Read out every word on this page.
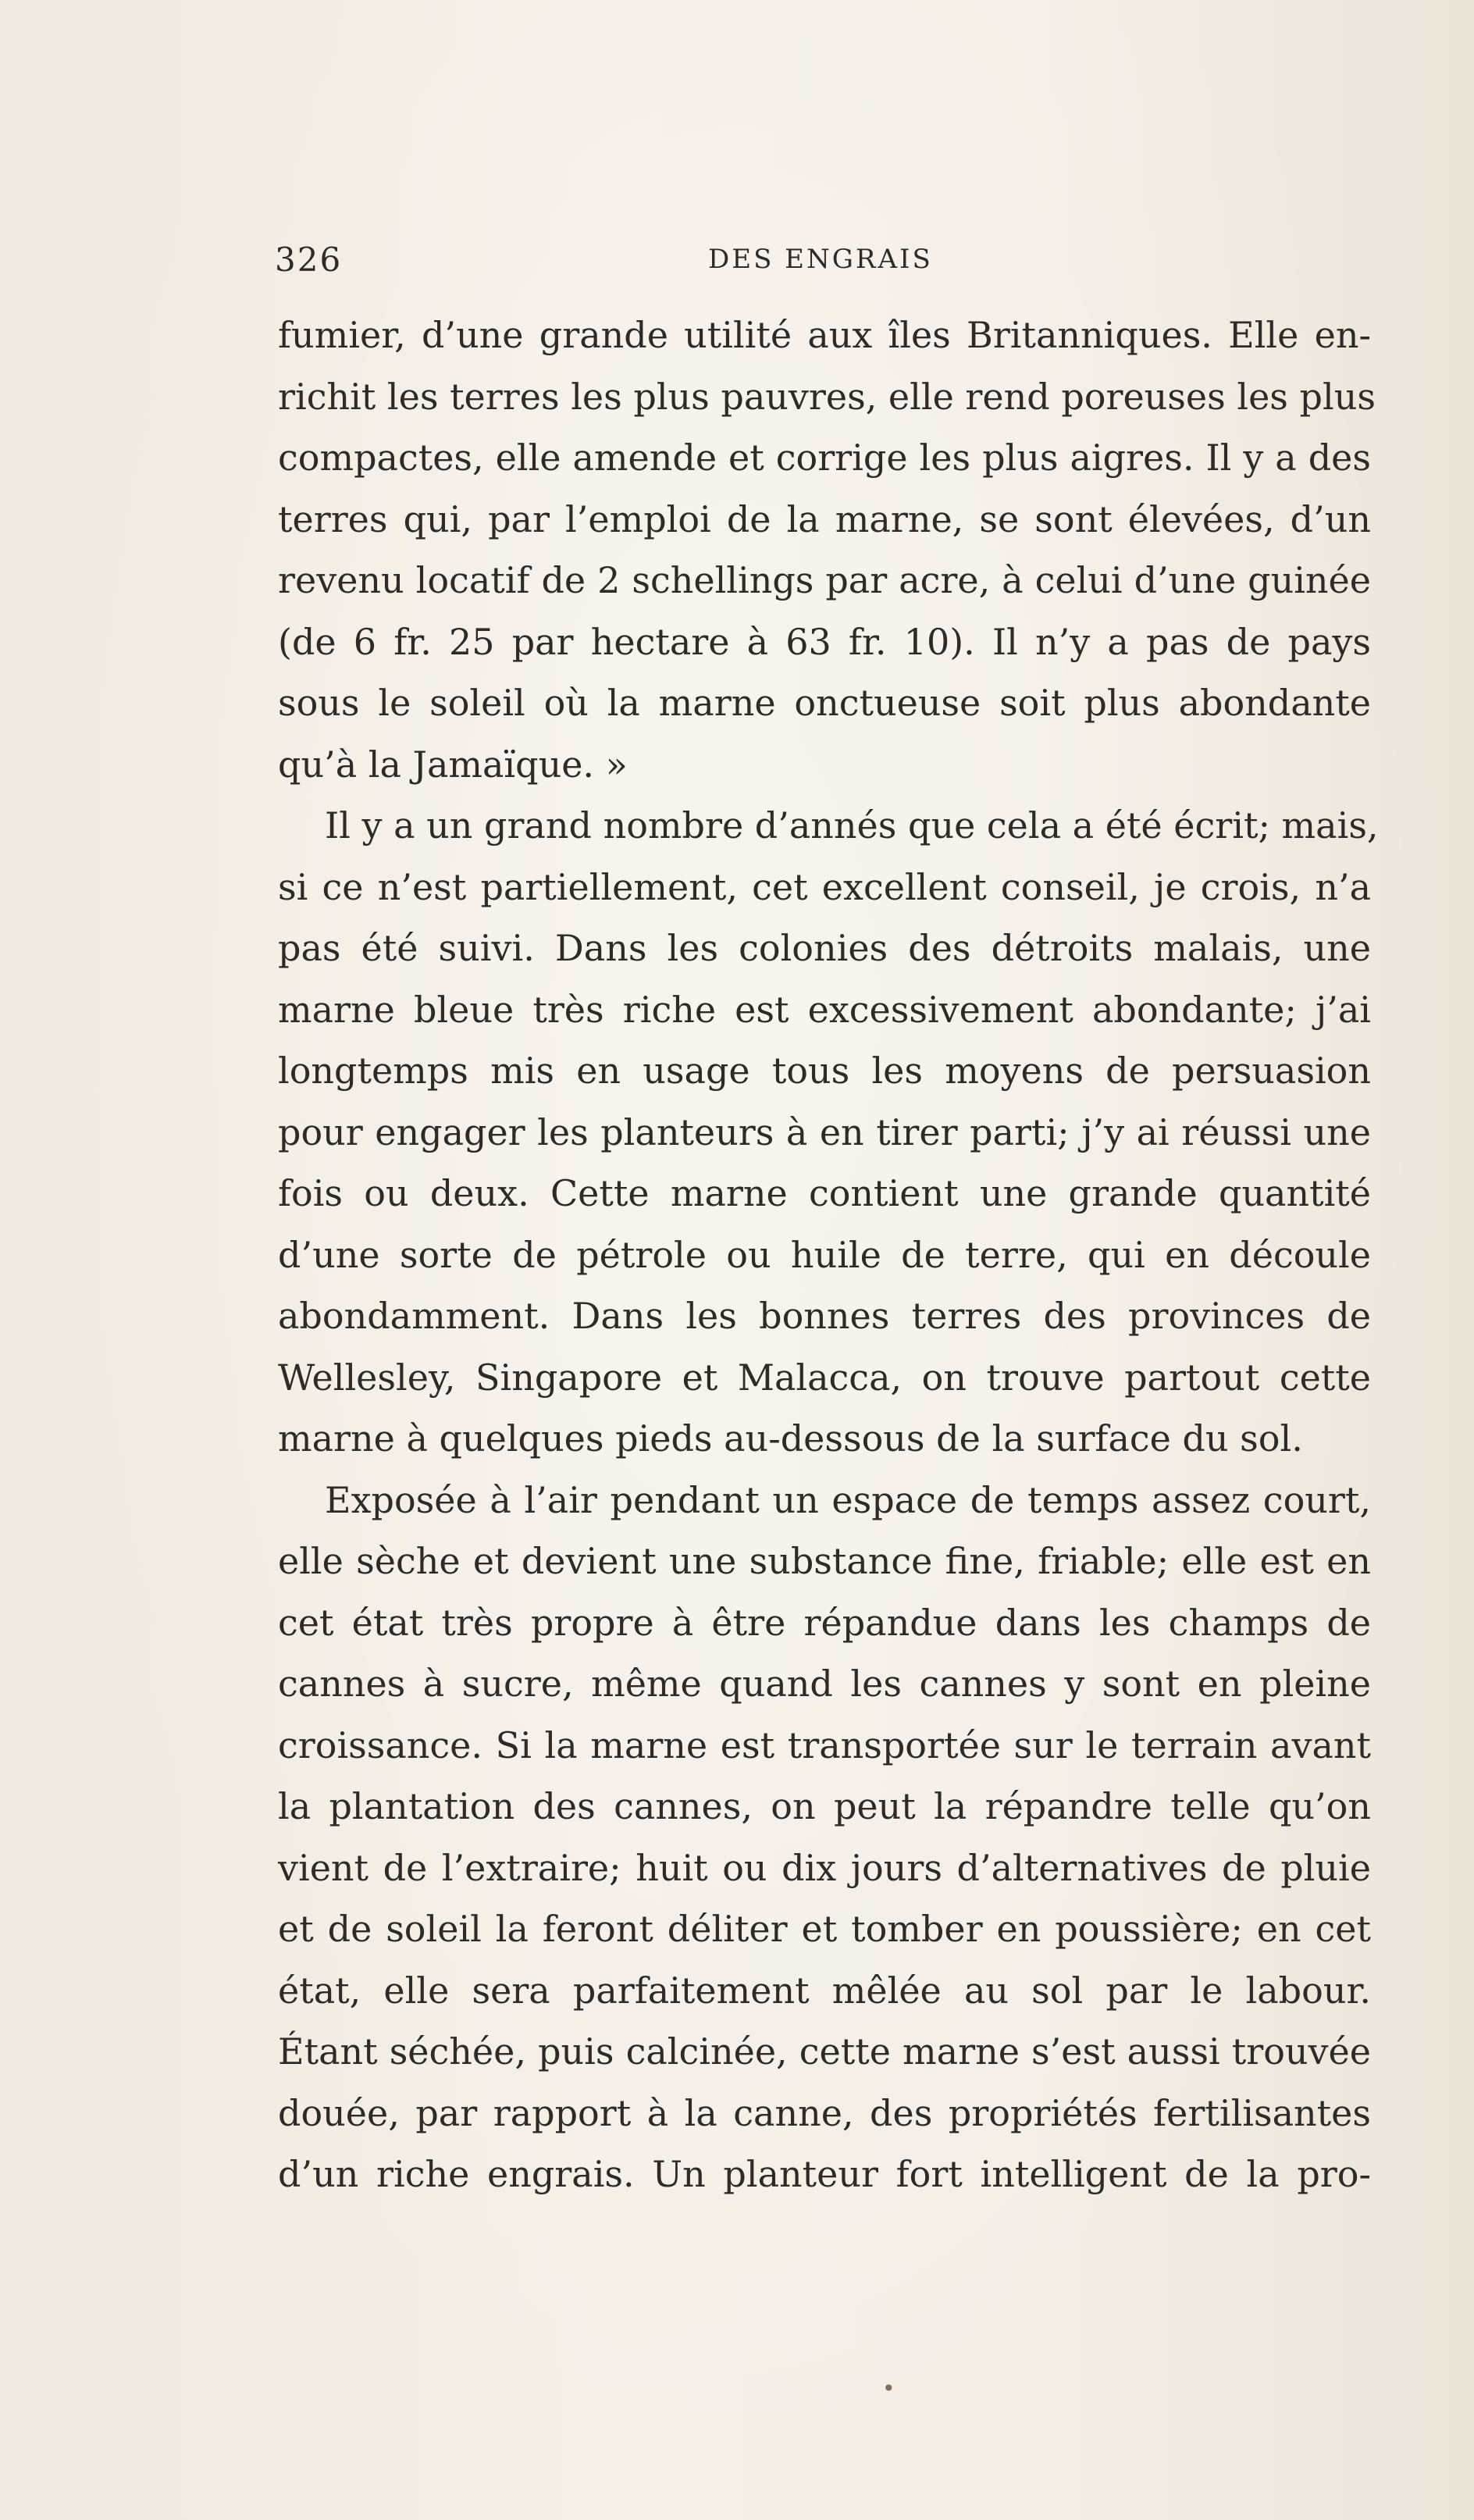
326	DES ENGRAIS
fumier, d’une grande utilité aux îles Britanniques. Elle en-
richit les terres les plus pauvres, elle rend poreuses les plus
compactes, elle amende et corrige les plus aigres. Il y a des
terres qui, par l’emploi de la marne, se sont élevées, d’un
revenu locatif de 2 schellings par acre, à celui d’une guinée
(de 6 fr. 25 par hectare à 63 fr. 10). Il n’y a pas de pays
sous le soleil où la marne onctueuse soit plus abondante
qu’à la Jamaïque. »
Il y a un grand nombre d’annés que cela a été écrit; mais,
si ce n’est partiellement, cet excellent conseil, je crois, n’a
pas été suivi. Dans les colonies des détroits malais, une
marne bleue très riche est excessivement abondante; j’ai
longtemps mis en usage tous les moyens de persuasion
pour engager les planteurs à en tirer parti; j’y ai réussi une
fois ou deux. Cette marne contient une grande quantité
d’une sorte de pétrole ou huile de terre, qui en découle
abondamment. Dans les bonnes terres des provinces de
Wellesley, Singapore et Malacca, on trouve partout cette
marne à quelques pieds au-dessous de la surface du sol.
Exposée à l’air pendant un espace de temps assez court,
elle sèche et devient une substance fine, friable; elle est en
cet état très propre à être répandue dans les champs de
cannes à sucre, même quand les cannes y sont en pleine
croissance. Si la marne est transportée sur le terrain avant
la plantation des cannes, on peut la répandre telle qu’on
vient de l’extraire; huit ou dix jours d’alternatives de pluie
et de soleil la feront déliter et tomber en poussière; en cet
état, elle sera parfaitement mêlée au sol par le labour.
Étant séchée, puis calcinée, cette marne s’est aussi trouvée
douée, par rapport à la canne, des propriétés fertilisantes
d’un riche engrais. Un planteur fort intelligent de la pro-
•
